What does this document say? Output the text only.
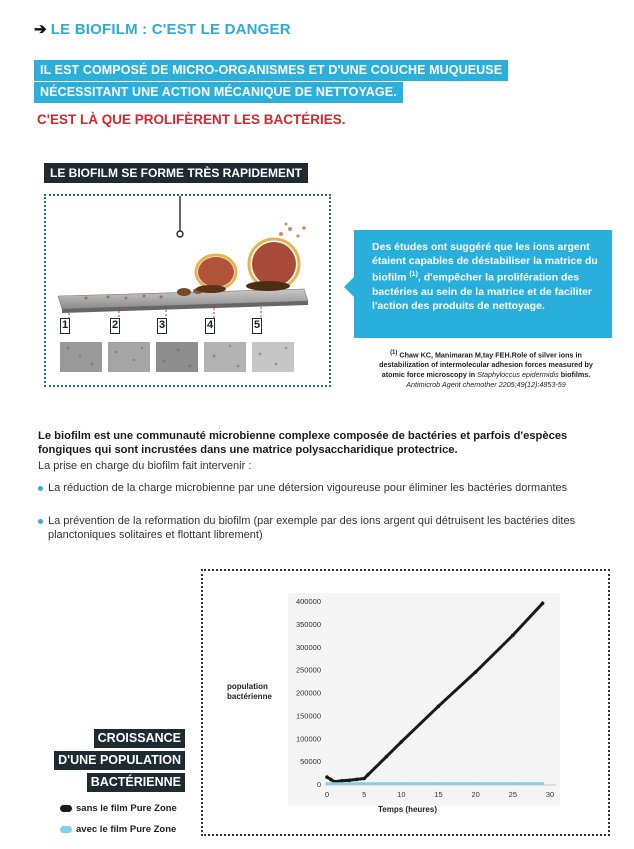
➔ LE BIOFILM : C'EST LE DANGER
IL EST COMPOSÉ DE MICRO-ORGANISMES ET D'UNE COUCHE MUQUEUSE
NÉCESSITANT UNE ACTION MÉCANIQUE DE NETTOYAGE.
C'EST LÀ QUE PROLIFÈRENT LES BACTÉRIES.
LE BIOFILM SE FORME TRÈS RAPIDEMENT
1	2	3	4	5
Des études ont suggéré que les ions argent étaient capables de déstabiliser la matrice du biofilm $^{(1)}$, d'empêcher la prolifération des bactéries au sein de la matrice et de faciliter l'action des produits de nettoyage.
$^{(1)}$ Chaw KC, Manimaran M,tay FEH.Role of silver ions in destabilization of intermolecular adhesion forces measured by atomic force microscopy in Staphyloccus epidermidis biofilms. Antimicrob Agent chemother 2205;49(12):4853-59
Le biofilm est une communauté microbienne complexe composée de bactéries et parfois d'espèces fongiques qui sont incrustées dans une matrice polysaccharidique protectrice.
La prise en charge du biofilm fait intervenir :
La réduction de la charge microbienne par une détersion vigoureuse pour éliminer les bactéries dormantes
La prévention de la reformation du biofilm (par exemple par des ions argent qui détruisent les bactéries dites planctoniques solitaires et flottant librement)
CROISSANCE
D'UNE POPULATION
BACTÉRIENNE
sans le film Pure Zone
avec le film Pure Zone
0
50000
100000
150000
200000
250000
300000
350000
400000
0	5	10	15	20	25	30
population
bactérienne
Temps (heures)
